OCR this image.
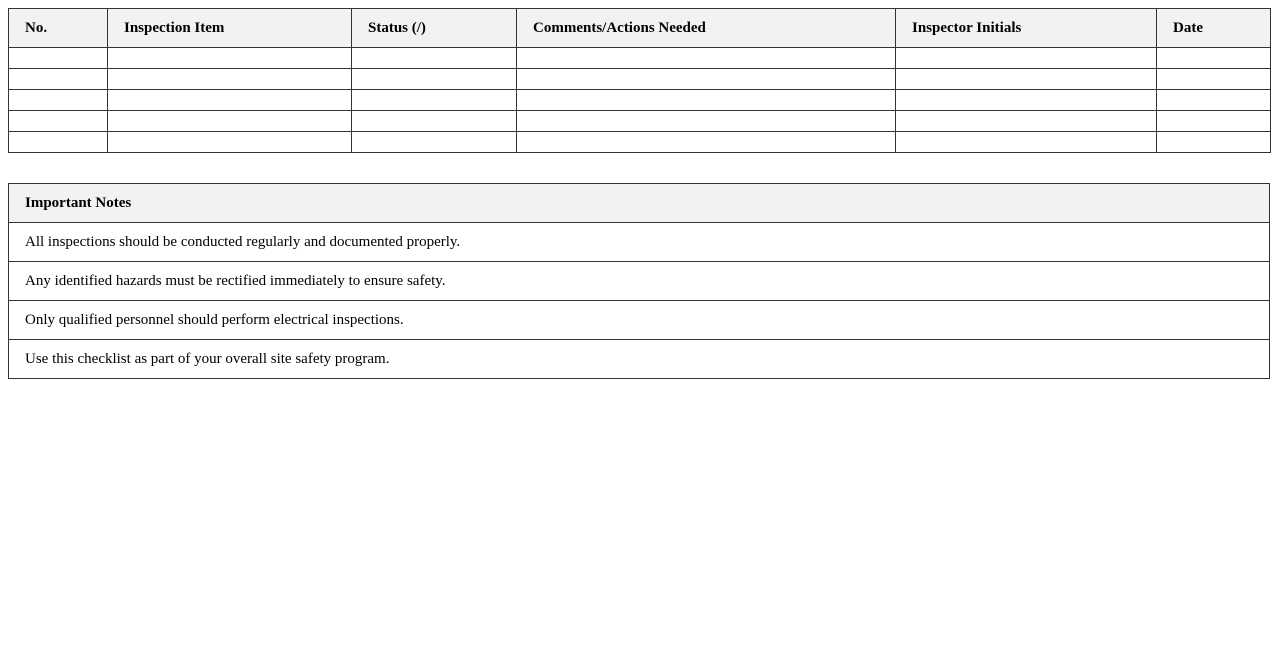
No.	Inspection Item	Status (/)	Comments/Actions Needed	Inspector Initials	Date

Important Notes
All inspections should be conducted regularly and documented properly.
Any identified hazards must be rectified immediately to ensure safety.
Only qualified personnel should perform electrical inspections.
Use this checklist as part of your overall site safety program.
